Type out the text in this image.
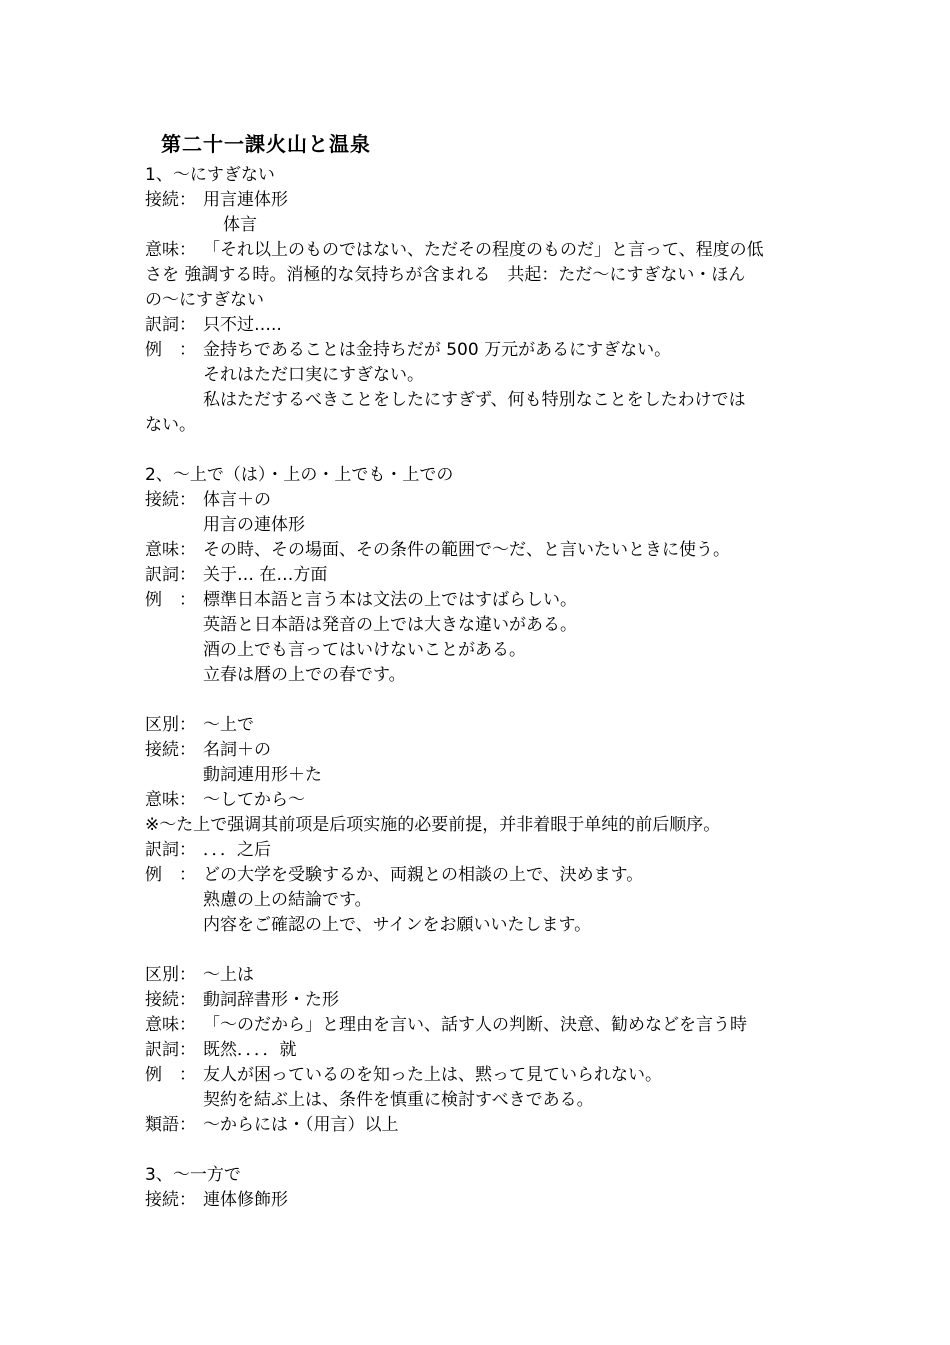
第二十一課火山と温泉
1、～にすぎない
接続： 用言連体形
体言
意味： 「それ以上のものではない、ただその程度のものだ」と言って、程度の低
さを 強調する時。消極的な気持ちが含まれる　共起：ただ～にすぎない・ほん
の～にすぎない
訳詞： 只不过…..
例　： 金持ちであることは金持ちだが 500 万元があるにすぎない。
それはただ口実にすぎない。
私はただするべきことをしたにすぎず、何も特別なことをしたわけでは
ない。
2、～上で（は）・上の・上でも・上での
接続： 体言＋の
用言の連体形
意味： その時、その場面、その条件の範囲で～だ、と言いたいときに使う。
訳詞： 关于… 在…方面
例　： 標準日本語と言う本は文法の上ではすばらしい。
英語と日本語は発音の上では大きな違いがある。
酒の上でも言ってはいけないことがある。
立春は暦の上での春です。
区別： ～上で
接続： 名詞＋の
動詞連用形＋た
意味： ～してから～
※～た上で强调其前项是后项实施的必要前提，并非着眼于单纯的前后顺序。
訳詞： ．．．之后
例　： どの大学を受験するか、両親との相談の上で、決めます。
熟慮の上の結論です。
内容をご確認の上で、サインをお願いいたします。
区別： ～上は
接続： 動詞辞書形・た形
意味： 「～のだから」と理由を言い、話す人の判断、決意、勧めなどを言う時
訳詞： 既然．．．．就
例　： 友人が困っているのを知った上は、黙って見ていられない。
契約を結ぶ上は、条件を慎重に検討すべきである。
類語： ～からには・（用言）以上
3、～一方で
接続： 連体修飾形
